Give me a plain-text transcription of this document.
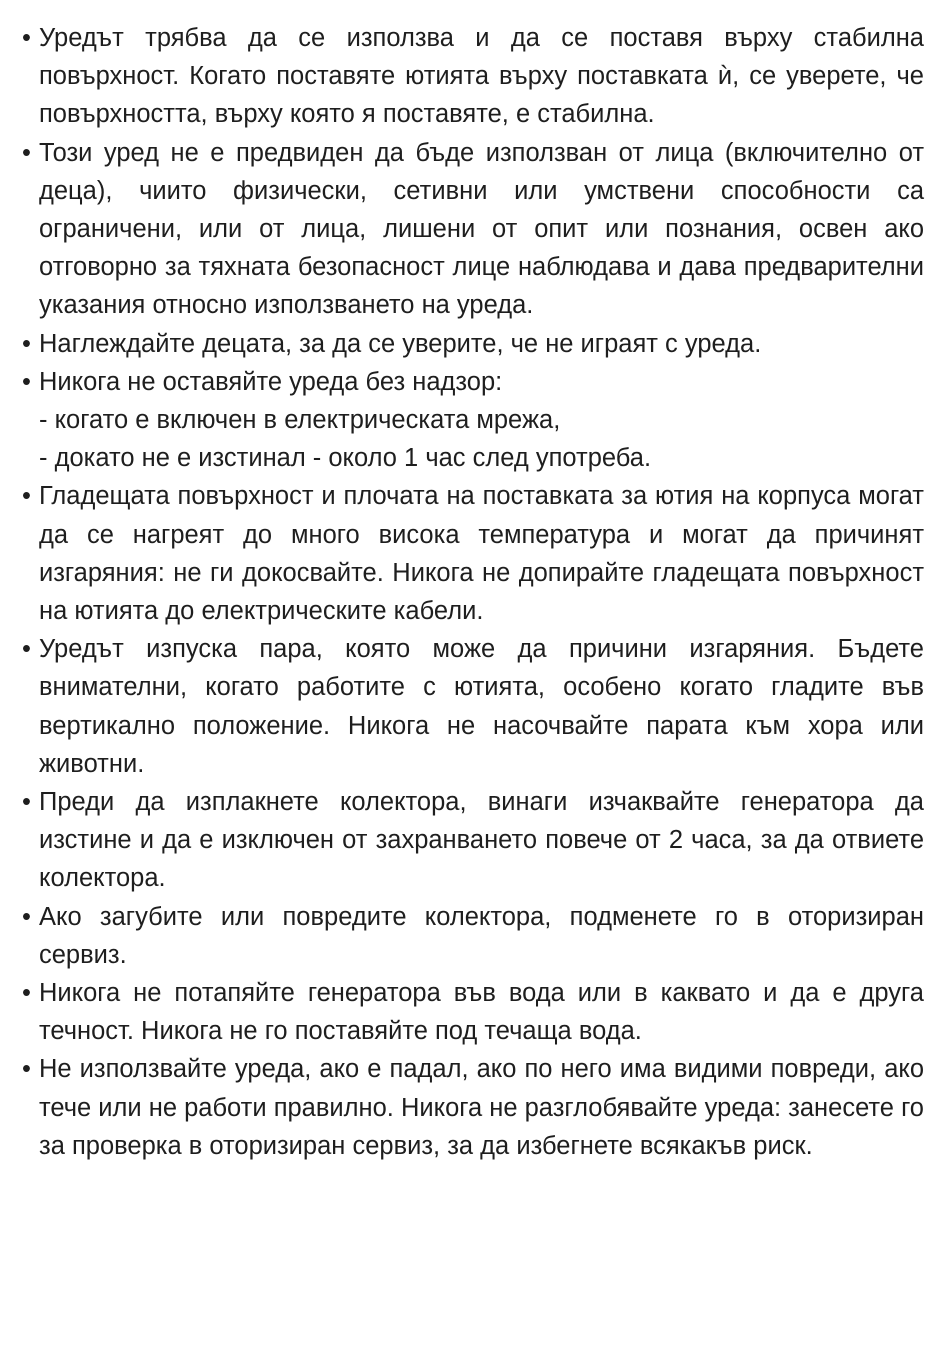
• Уредът трябва да се използва и да се поставя върху стабилна повърхност. Когато поставяте ютията върху поставката ѝ, се уверете, че повърхността, върху която я поставяте, е стабилна.
• Този уред не е предвиден да бъде използван от лица (включително от деца), чиито физически, сетивни или умствени способности са ограничени, или от лица, лишени от опит или познания, освен ако отговорно за тяхната безопасност лице наблюдава и дава предварителни указания относно използването на уреда.
• Наглеждайте децата, за да се уверите, че не играят с уреда.
• Никога не оставяйте уреда без надзор:
- когато е включен в електрическата мрежа,
- докато не е изстинал - около 1 час след употреба.
• Гладещата повърхност и плочата на поставката за ютия на корпуса могат да се нагреят до много висока температура и могат да причинят изгаряния: не ги докосвайте. Никога не допирайте гладещата повърхност на ютията до електрическите кабели.
• Уредът изпуска пара, която може да причини изгаряния. Бъдете внимателни, когато работите с ютията, особено когато гладите във вертикално положение. Никога не насочвайте парата към хора или животни.
• Преди да изплакнете колектора, винаги изчаквайте генератора да изстине и да е изключен от захранването повече от 2 часа, за да отвиете колектора.
• Ако загубите или повредите колектора, подменете го в оторизиран сервиз.
• Никога не потапяйте генератора във вода или в каквато и да е друга течност. Никога не го поставяйте под течаща вода.
• Не използвайте уреда, ако е падал, ако по него има видими повреди, ако тече или не работи правилно. Никога не разглобявайте уреда: занесете го за проверка в оторизиран сервиз, за да избегнете всякакъв риск.
